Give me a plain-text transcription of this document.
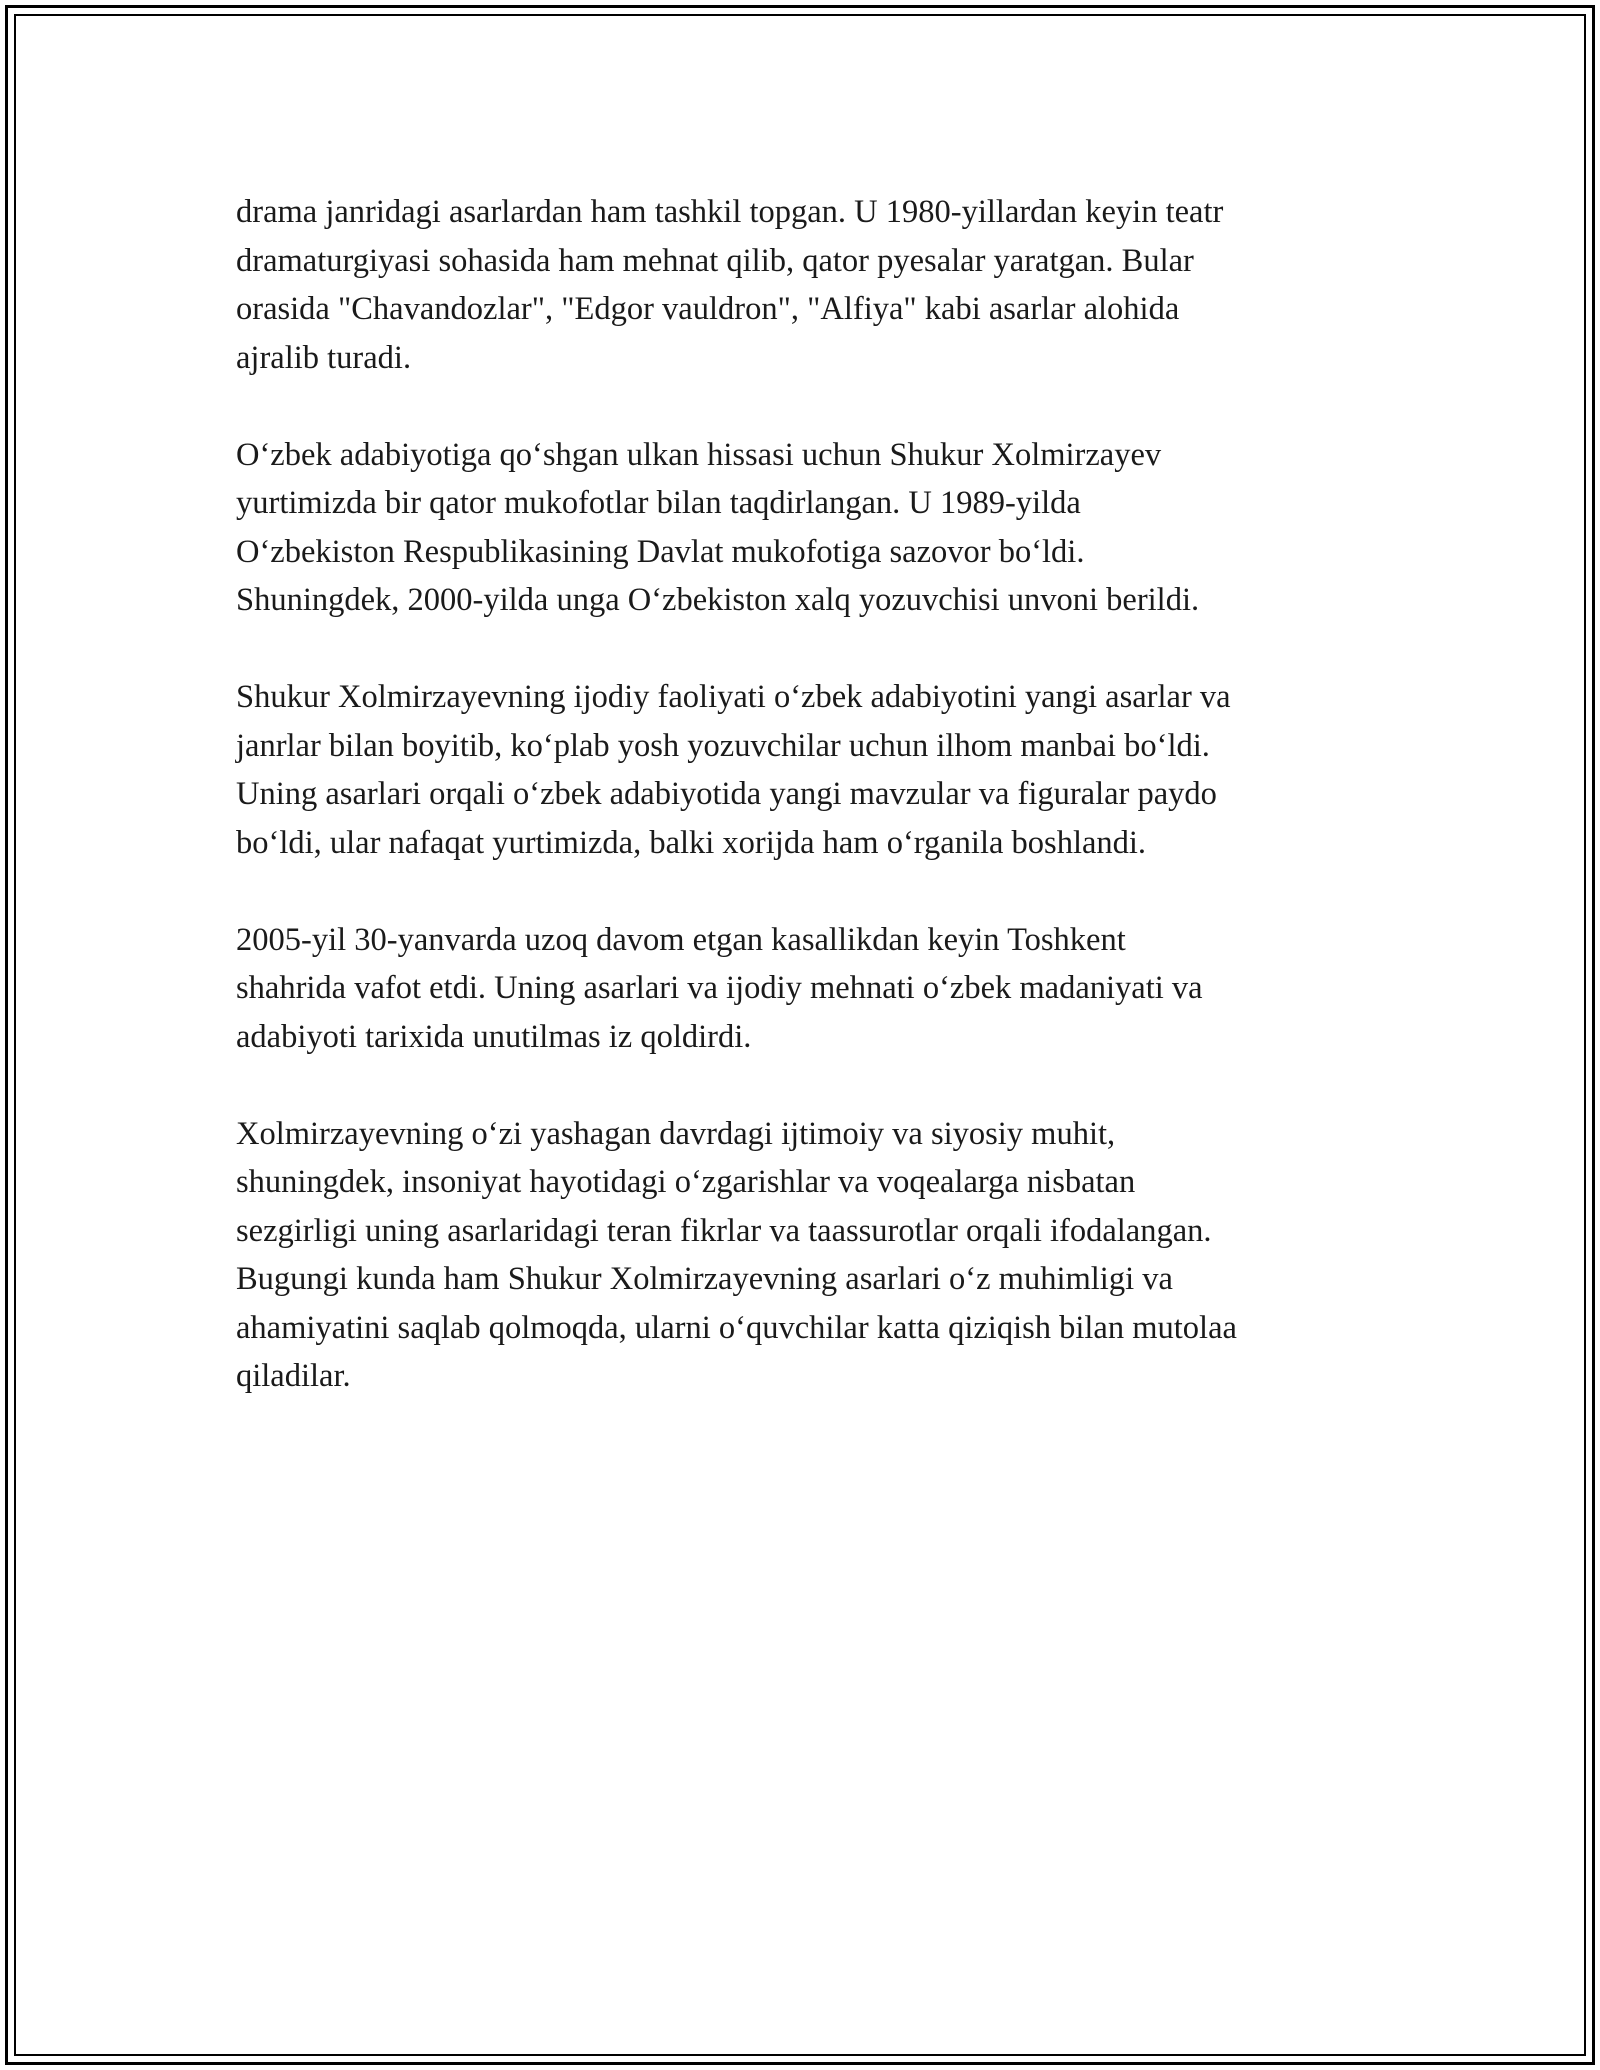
drama janridagi asarlardan ham tashkil topgan. U 1980-yillardan keyin teatr
dramaturgiyasi sohasida ham mehnat qilib, qator pyesalar yaratgan. Bular
orasida "Chavandozlar", "Edgor vauldron", "Alfiya" kabi asarlar alohida
ajralib turadi.

O‘zbek adabiyotiga qo‘shgan ulkan hissasi uchun Shukur Xolmirzayev
yurtimizda bir qator mukofotlar bilan taqdirlangan. U 1989-yilda
O‘zbekiston Respublikasining Davlat mukofotiga sazovor bo‘ldi.
Shuningdek, 2000-yilda unga O‘zbekiston xalq yozuvchisi unvoni berildi.

Shukur Xolmirzayevning ijodiy faoliyati o‘zbek adabiyotini yangi asarlar va
janrlar bilan boyitib, ko‘plab yosh yozuvchilar uchun ilhom manbai bo‘ldi.
Uning asarlari orqali o‘zbek adabiyotida yangi mavzular va figuralar paydo
bo‘ldi, ular nafaqat yurtimizda, balki xorijda ham o‘rganila boshlandi.

2005-yil 30-yanvarda uzoq davom etgan kasallikdan keyin Toshkent
shahrida vafot etdi. Uning asarlari va ijodiy mehnati o‘zbek madaniyati va
adabiyoti tarixida unutilmas iz qoldirdi.

Xolmirzayevning o‘zi yashagan davrdagi ijtimoiy va siyosiy muhit,
shuningdek, insoniyat hayotidagi o‘zgarishlar va voqealarga nisbatan
sezgirligi uning asarlaridagi teran fikrlar va taassurotlar orqali ifodalangan.
Bugungi kunda ham Shukur Xolmirzayevning asarlari o‘z muhimligi va
ahamiyatini saqlab qolmoqda, ularni o‘quvchilar katta qiziqish bilan mutolaa
qiladilar.
